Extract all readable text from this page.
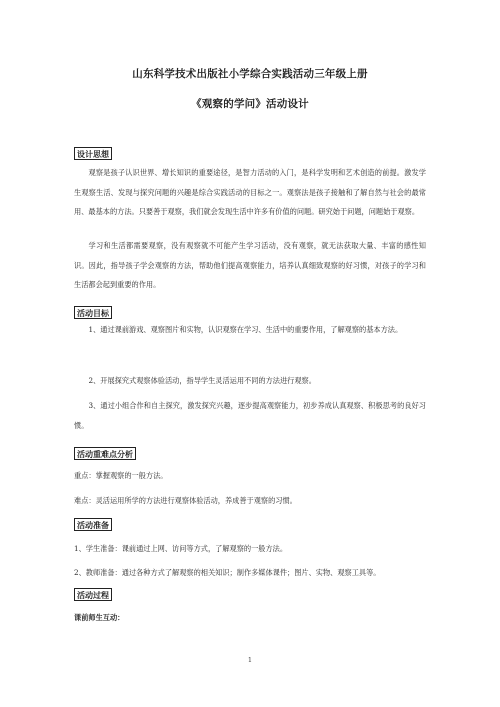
山东科学技术出版社小学综合实践活动三年级上册
《观察的学问》活动设计
设计思想
观察是孩子认识世界、增长知识的重要途径，是智力活动的入门，是科学发明和艺术创造的前提。激发学生观察生活、发现与探究问题的兴趣是综合实践活动的目标之一。观察法是孩子接触和了解自然与社会的最常用、最基本的方法。只要善于观察，我们就会发现生活中许多有价值的问题。研究始于问题，问题始于观察。
学习和生活都需要观察，没有观察就不可能产生学习活动，没有观察，就无法获取大量、丰富的感性知识。因此，指导孩子学会观察的方法，帮助他们提高观察能力，培养认真细致观察的好习惯，对孩子的学习和生活都会起到重要的作用。
活动目标
1、通过课前游戏、观察图片和实物，认识观察在学习、生活中的重要作用，了解观察的基本方法。
2、开展探究式观察体验活动，指导学生灵活运用不同的方法进行观察。
3、通过小组合作和自主探究，激发探究兴趣，逐步提高观察能力，初步养成认真观察、积极思考的良好习惯。
活动重难点分析
重点：掌握观察的一般方法。
难点：灵活运用所学的方法进行观察体验活动，养成善于观察的习惯。
活动准备
1、学生准备：课前通过上网、访问等方式，了解观察的一般方法。
2、教师准备：通过各种方式了解观察的相关知识；制作多媒体课件；图片、实物、观察工具等。
活动过程
课前师生互动：
1
